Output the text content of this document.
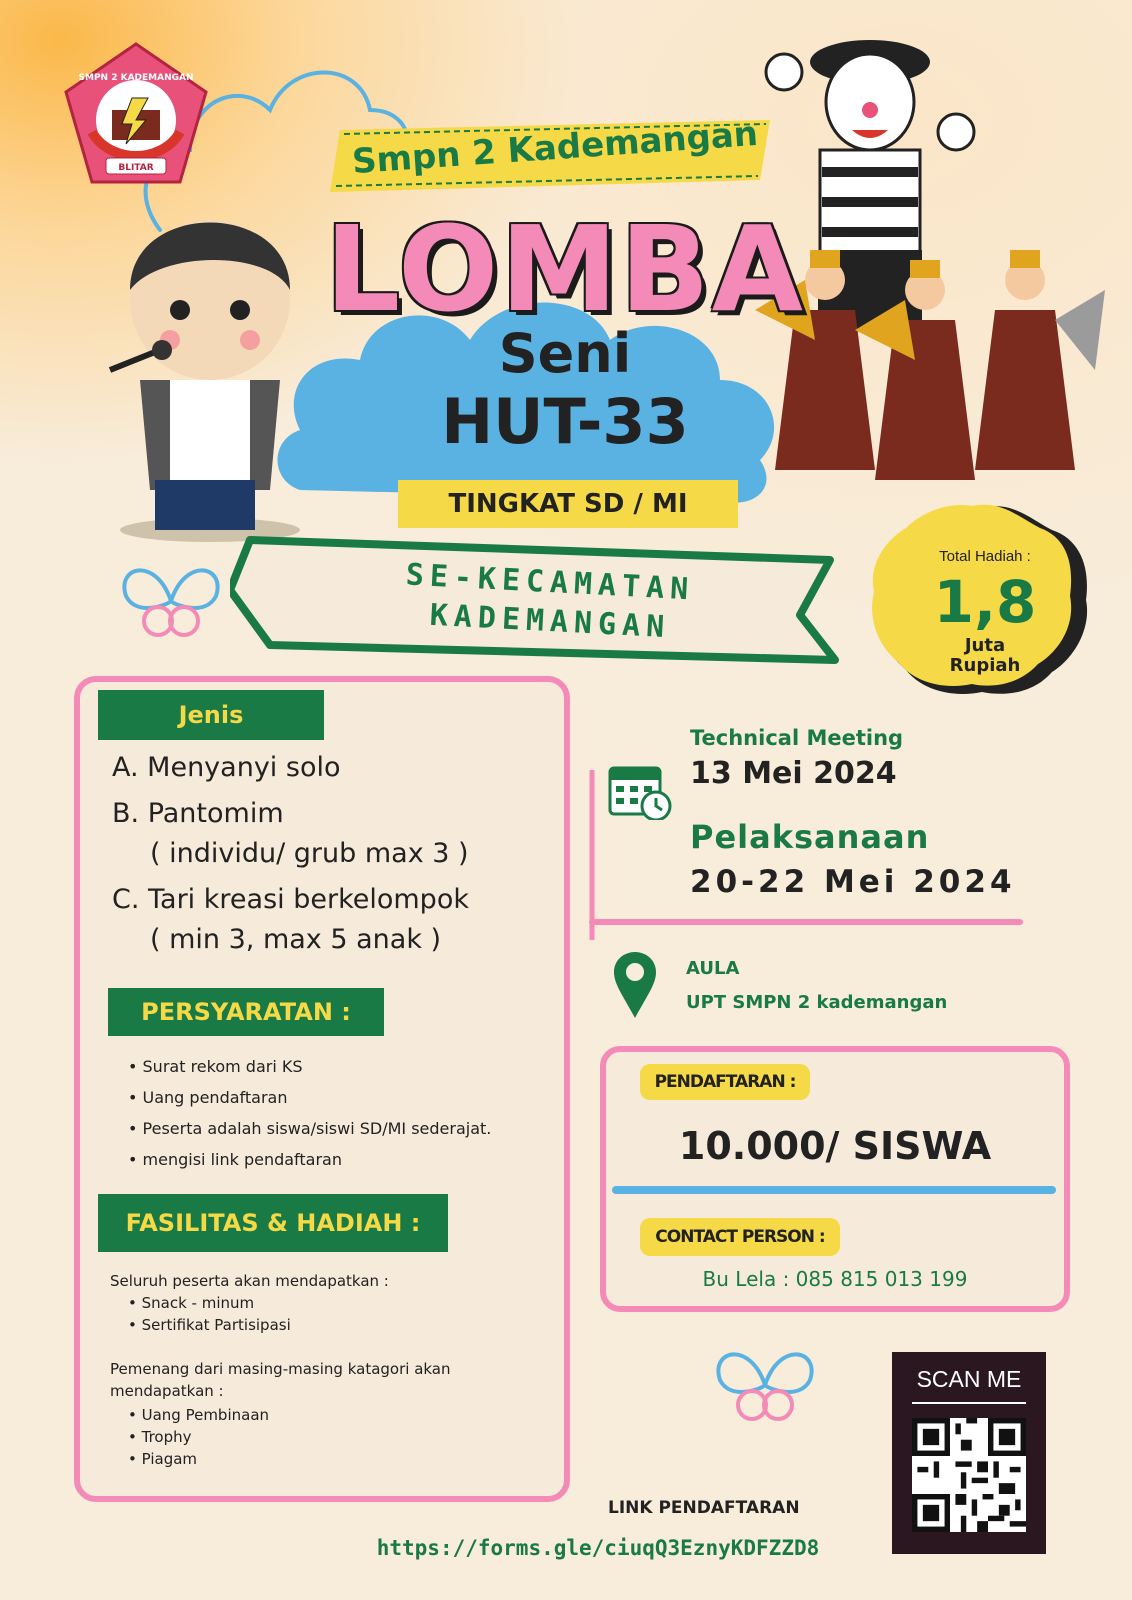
BLITAR
SMPN 2 KADEMANGAN
Smpn 2 Kademangan
LOMBA
Seni
HUT-33
TINGKAT SD / MI
SE-KECAMATAN
KADEMANGAN
Total Hadiah :
1,8
Juta
Rupiah
Jenis
A. Menyanyi solo
B. Pantomim
( individu/ grub max 3 )
C. Tari kreasi berkelompok
( min 3, max 5 anak )
PERSYARATAN :
• Surat rekom dari KS
• Uang pendaftaran
• Peserta adalah siswa/siswi SD/MI sederajat.
• mengisi link pendaftaran
FASILITAS & HADIAH :
Seluruh peserta akan mendapatkan :
• Snack - minum
• Sertifikat Partisipasi
Pemenang dari masing-masing katagori akan
mendapatkan :
• Uang Pembinaan
• Trophy
• Piagam
Technical Meeting
13 Mei 2024
Pelaksanaan
20-22 Mei 2024
AULA
UPT SMPN 2 kademangan
PENDAFTARAN :
10.000/ SISWA
CONTACT PERSON :
Bu Lela : 085 815 013 199
SCAN ME
LINK PENDAFTARAN
https://forms.gle/ciuqQ3EznyKDFZZD8
